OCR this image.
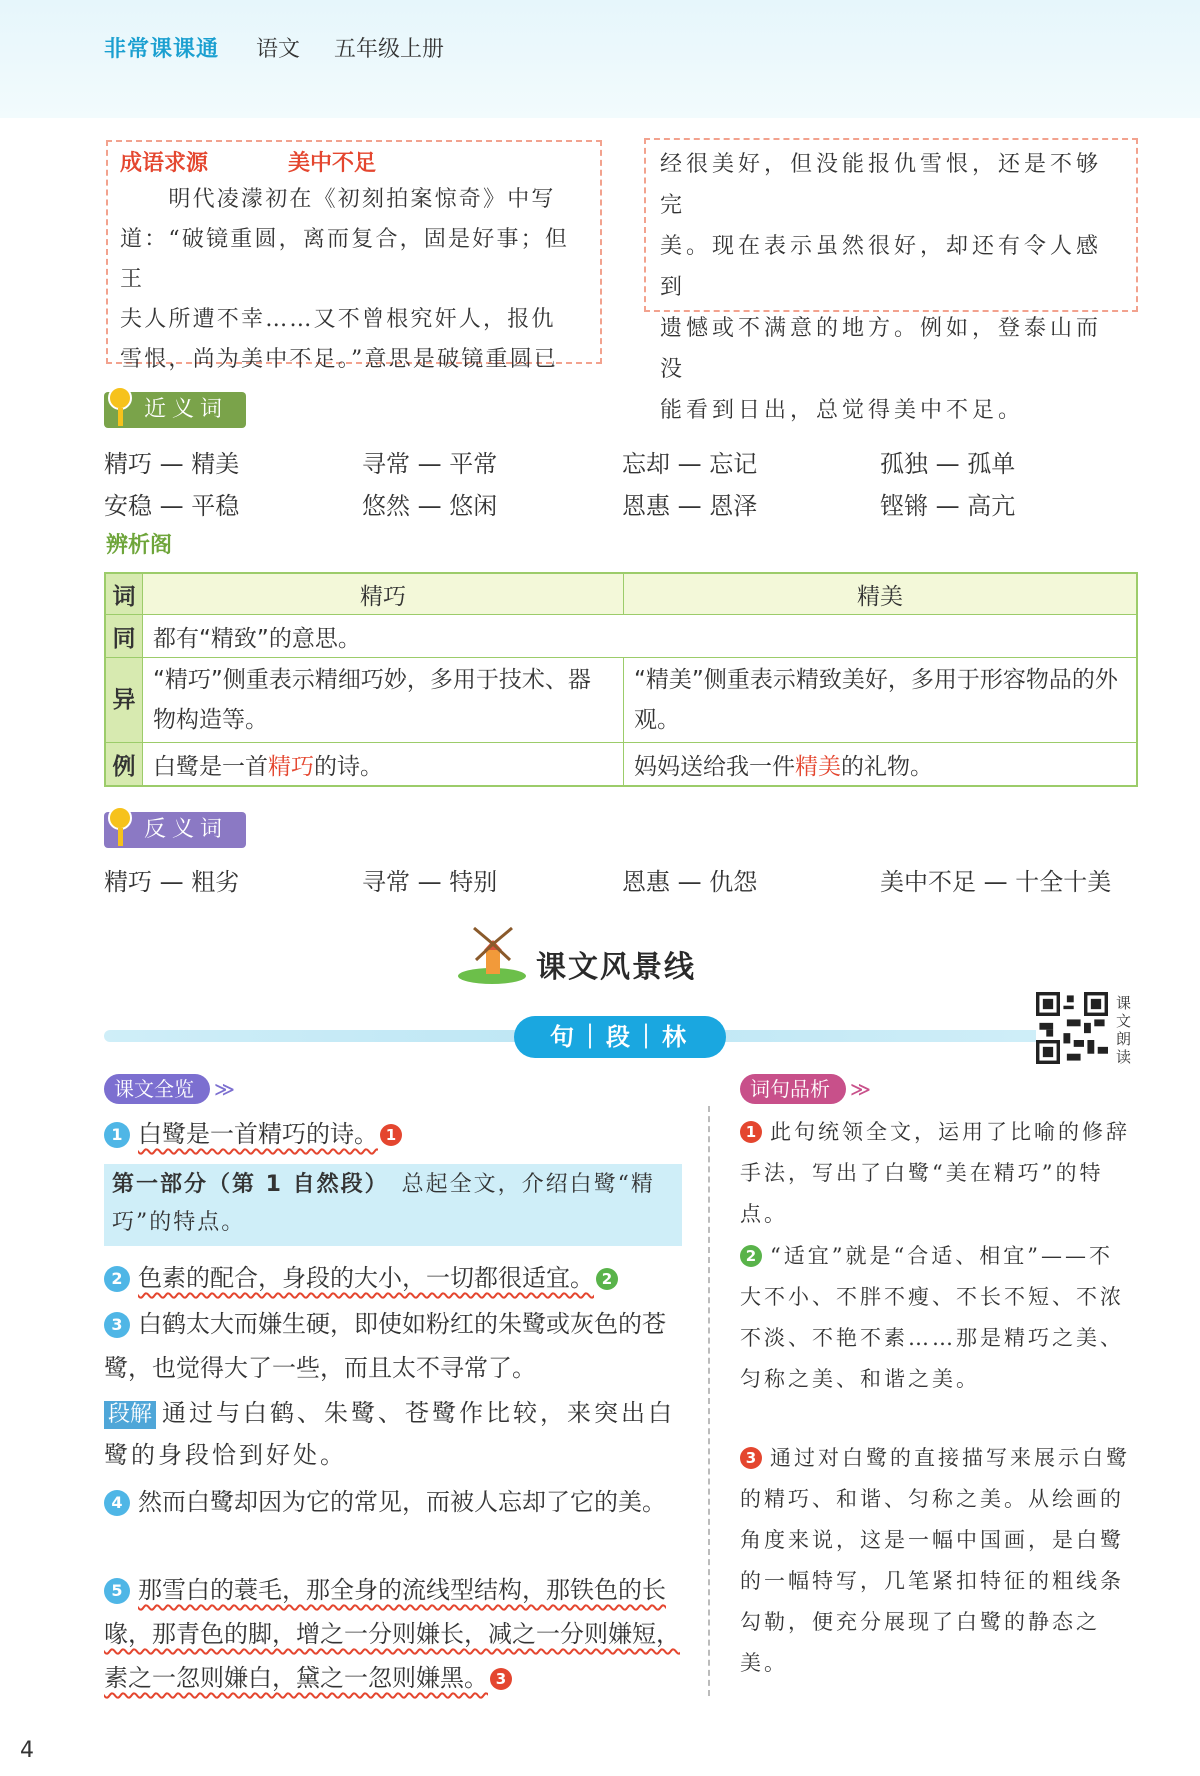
非常课课通 语文 五年级上册
成语求源	美中不足
　　明代凌濛初在《初刻拍案惊奇》中写
道：“破镜重圆，离而复合，固是好事；但王
夫人所遭不幸……又不曾根究奸人，报仇
雪恨，尚为美中不足。”意思是破镜重圆已
经很美好，但没能报仇雪恨，还是不够完
美。现在表示虽然很好，却还有令人感到
遗憾或不满意的地方。例如，登泰山而没
能看到日出，总觉得美中不足。
近义词
精巧 — 精美	寻常 — 平常	忘却 — 忘记	孤独 — 孤单
安稳 — 平稳	悠然 — 悠闲	恩惠 — 恩泽	铿锵 — 高亢
辨析阁
词	精巧	精美
同	都有“精致”的意思。	
异	“精巧”侧重表示精细巧妙，多用于技术、器物构造等。	“精美”侧重表示精致美好，多用于形容物品的外观。
例	白鹭是一首精巧的诗。	妈妈送给我一件精美的礼物。
反义词
精巧 — 粗劣	寻常 — 特别	恩惠 — 仇怨	美中不足 — 十全十美
课文风景线
句｜段｜林
课
文
朗
读
课文全览 ≫	词句品析 ≫
1 白鹭是一首精巧的诗。 1
第一部分（第 1 自然段）　 总起全文，介绍白鹭“精巧”的特点。
2 色素的配合，身段的大小，一切都很适宜。 2
3 白鹤太大而嫌生硬，即使如粉红的朱鹭或灰色的苍鹭，也觉得大了一些，而且太不寻常了。
段解 通过与白鹤、朱鹭、苍鹭作比较，来突出白鹭的身段恰到好处。
4 然而白鹭却因为它的常见，而被人忘却了它的美。
5 那雪白的蓑毛，那全身的流线型结构，那铁色的长喙，那青色的脚，增之一分则嫌长，减之一分则嫌短，素之一忽则嫌白，黛之一忽则嫌黑。 3
1 此句统领全文，运用了比喻的修辞手法，写出了白鹭“美在精巧”的特点。
2 “适宜”就是“合适、相宜”——不大不小、不胖不瘦、不长不短、不浓不淡、不艳不素……那是精巧之美、匀称之美、和谐之美。
3 通过对白鹭的直接描写来展示白鹭的精巧、和谐、匀称之美。从绘画的角度来说，这是一幅中国画，是白鹭的一幅特写，几笔紧扣特征的粗线条勾勒，便充分展现了白鹭的静态之美。
4
